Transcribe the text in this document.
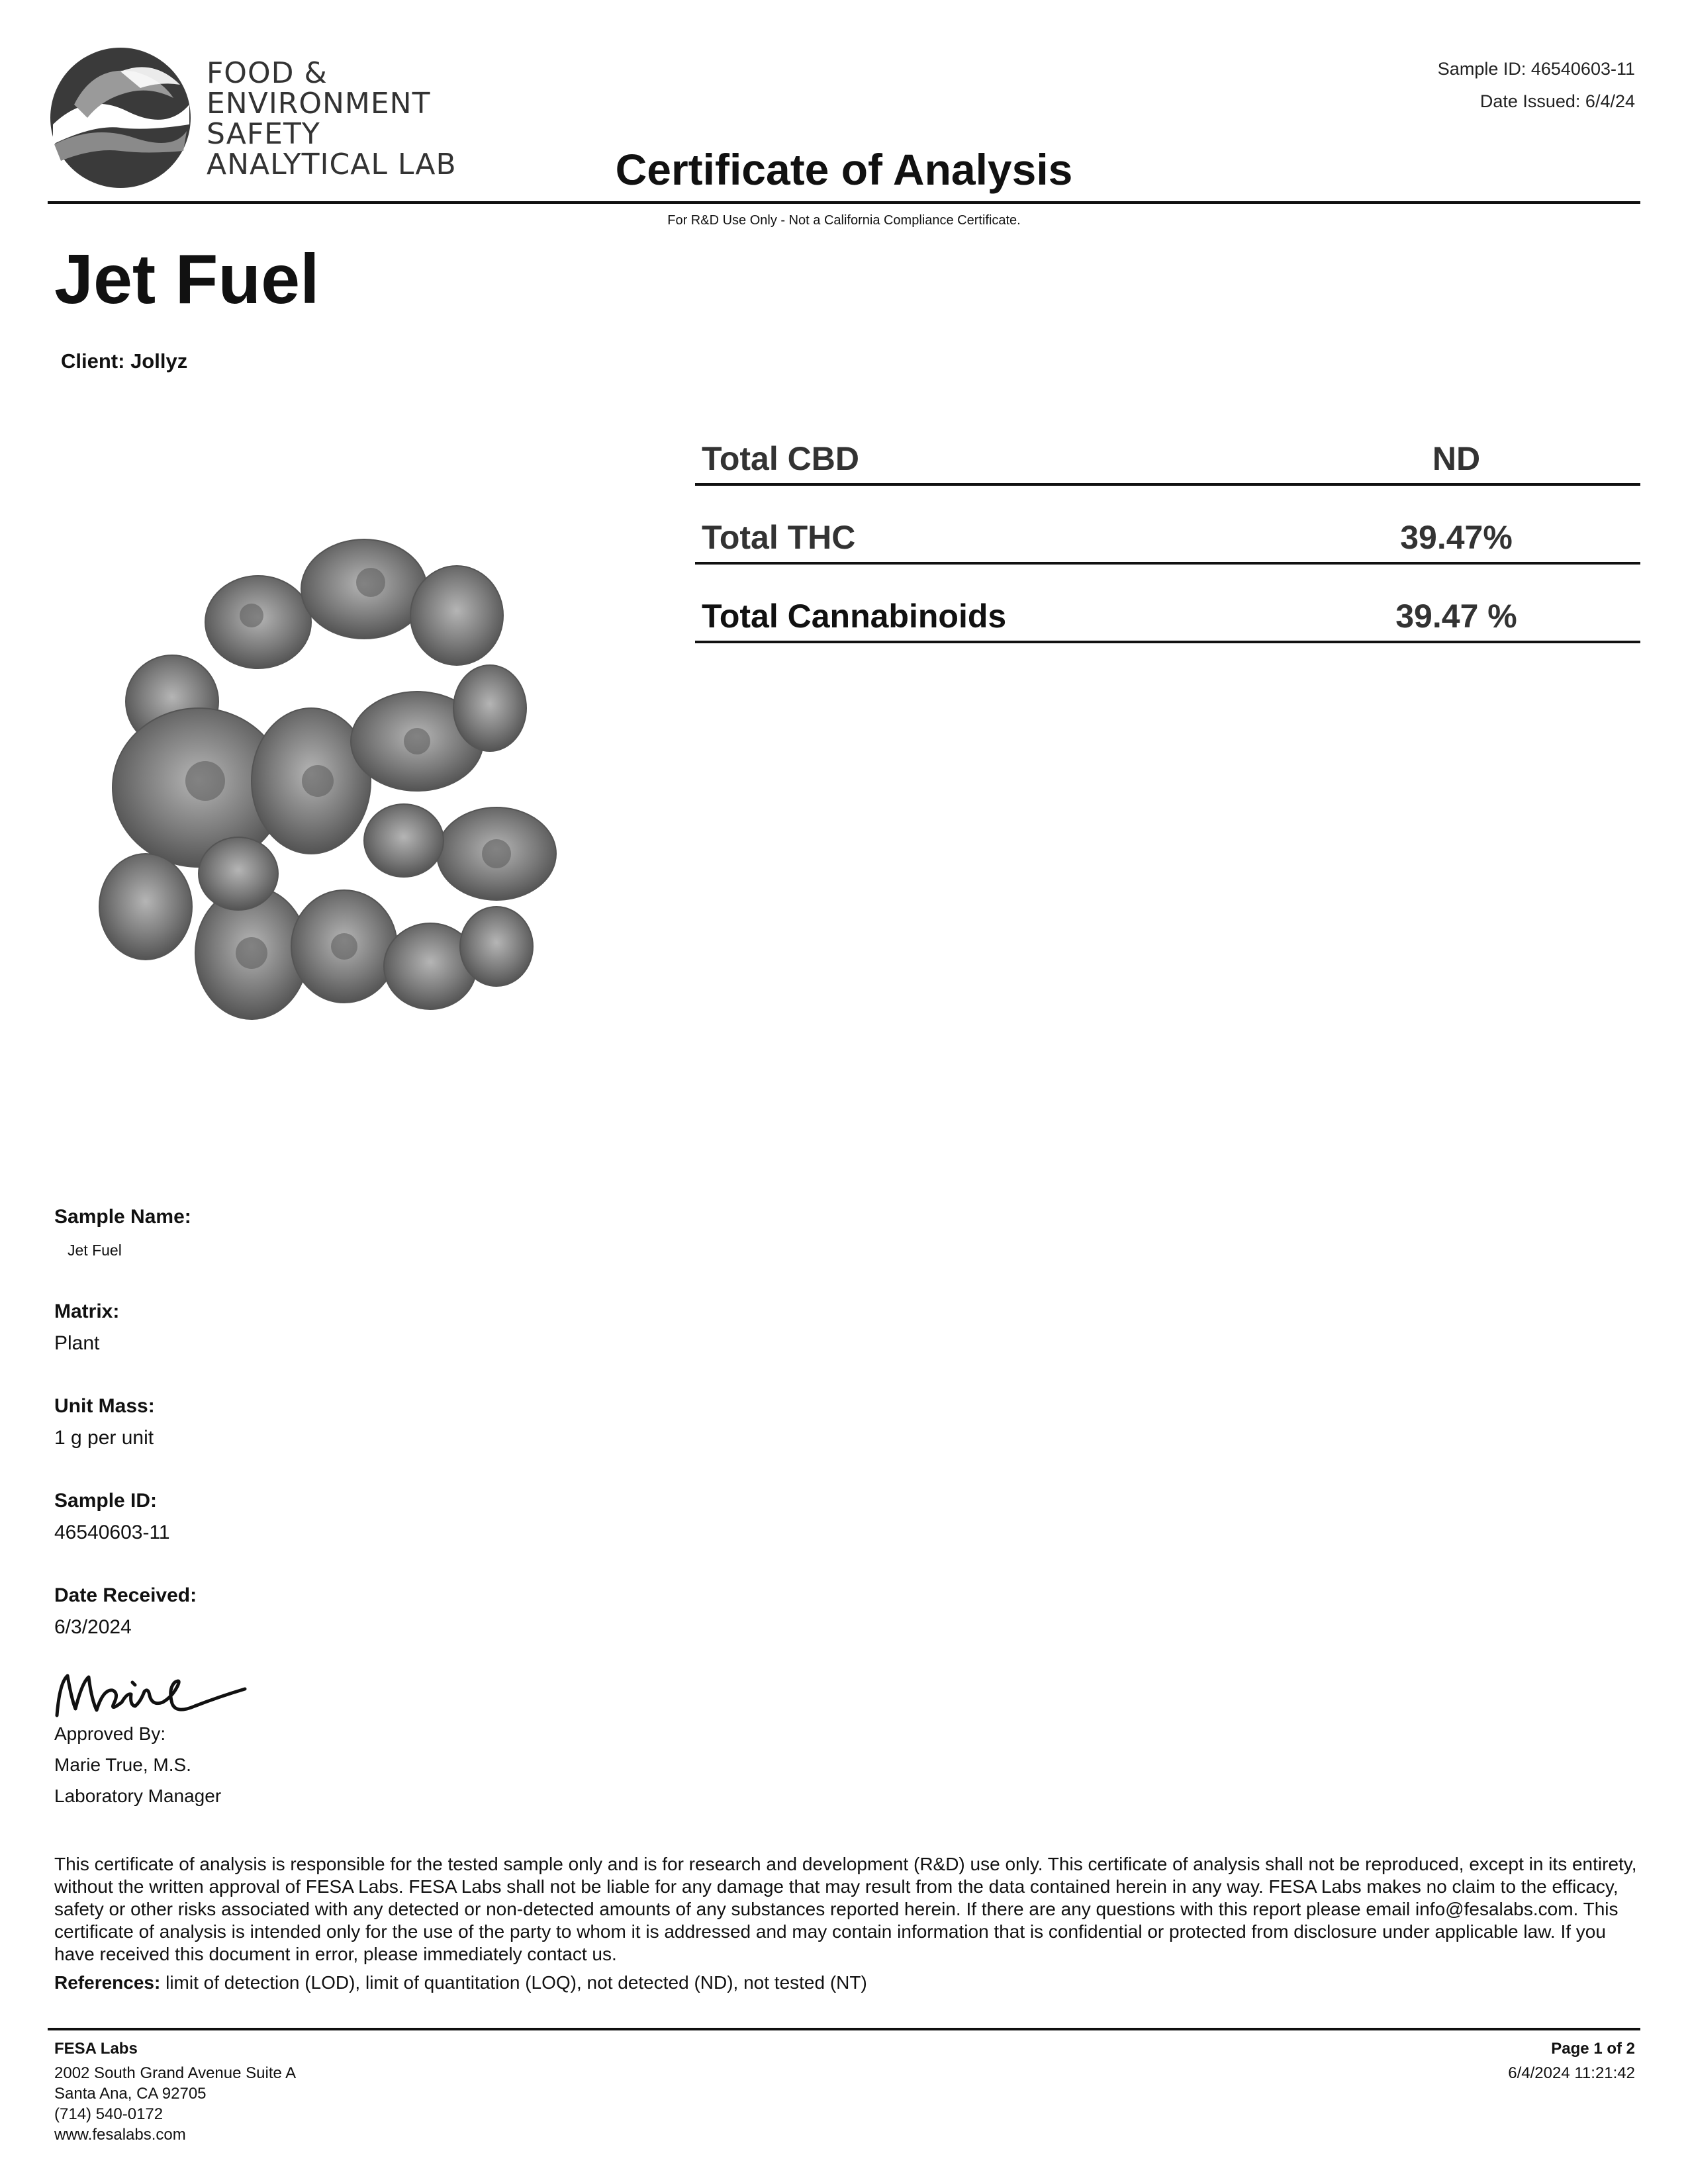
FOOD &
ENVIRONMENT
SAFETY
ANALYTICAL LAB
Sample ID: 46540603-11
Date Issued: 6/4/24
Certificate of Analysis
For R&D Use Only - Not a California Compliance Certificate.
Jet Fuel
Client: Jollyz
Total CBD	ND
Total THC	39.47%
Total Cannabinoids	39.47 %
Sample Name:
Jet Fuel
Matrix:
Plant
Unit Mass:
1 g per unit
Sample ID:
46540603-11
Date Received:
6/3/2024
Approved By:
Marie True, M.S.
Laboratory Manager
This certificate of analysis is responsible for the tested sample only and is for research and development (R&D) use only. This certificate of analysis shall not be reproduced, except in its entirety, without the written approval of FESA Labs. FESA Labs shall not be liable for any damage that may result from the data contained herein in any way. FESA Labs makes no claim to the efficacy, safety or other risks associated with any detected or non-detected amounts of any substances reported herein. If there are any questions with this report please email info@fesalabs.com. This certificate of analysis is intended only for the use of the party to whom it is addressed and may contain information that is confidential or protected from disclosure under applicable law. If you have received this document in error, please immediately contact us.
References: limit of detection (LOD), limit of quantitation (LOQ), not detected (ND), not tested (NT)
FESA Labs
2002 South Grand Avenue Suite A
Santa Ana, CA 92705
(714) 540-0172
www.fesalabs.com
Page 1 of 2
6/4/2024 11:21:42
